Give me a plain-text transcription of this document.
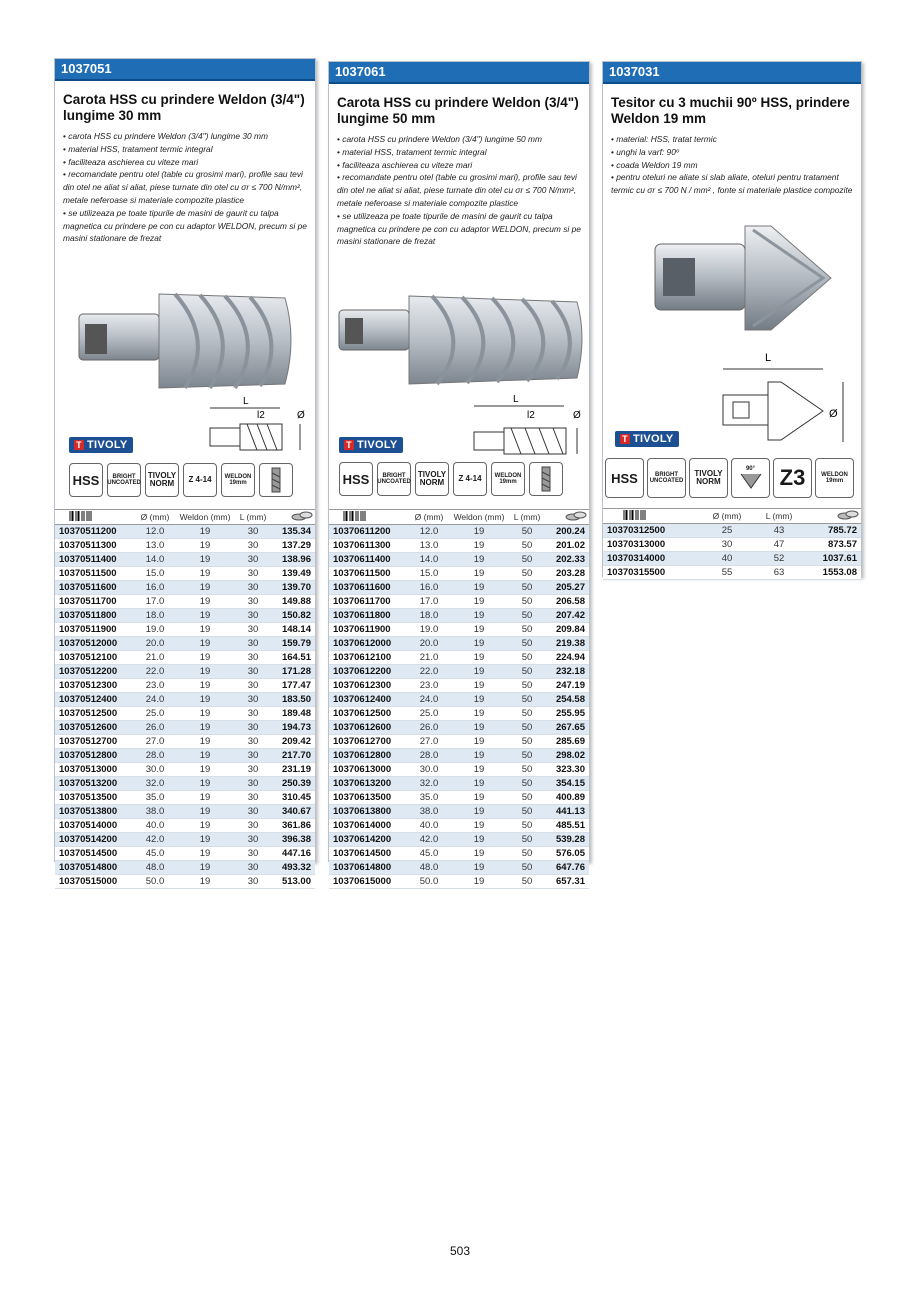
1037051
Carota HSS cu prindere Weldon (3/4") lungime 30 mm
• carota HSS cu prindere Weldon (3/4") lungime 30 mm
• material HSS, tratament termic integral
• faciliteaza aschierea cu viteze mari
• recomandate pentru otel (table cu grosimi mari), profile sau tevi din otel ne aliat si aliat, piese turnate din otel cu σr ≤ 700 N/mm², metale neferoase si materiale compozite plastice
• se utilizeaza pe toate tipurile de masini de gaurit cu talpa magnetica cu prindere pe con cu adaptor WELDON, precum si pe masini stationare de frezat
L
l2	Ø
T TIVOLY
HSS	BRIGHT UNCOATED
TIVOLY NORM	Z 4-14	WELDON 19mm
Ø (mm)	Weldon (mm)	L (mm)
10370511200	12.0	19	30	135.34
10370511300	13.0	19	30	137.29
10370511400	14.0	19	30	138.96
10370511500	15.0	19	30	139.49
10370511600	16.0	19	30	139.70
10370511700	17.0	19	30	149.88
10370511800	18.0	19	30	150.82
10370511900	19.0	19	30	148.14
10370512000	20.0	19	30	159.79
10370512100	21.0	19	30	164.51
10370512200	22.0	19	30	171.28
10370512300	23.0	19	30	177.47
10370512400	24.0	19	30	183.50
10370512500	25.0	19	30	189.48
10370512600	26.0	19	30	194.73
10370512700	27.0	19	30	209.42
10370512800	28.0	19	30	217.70
10370513000	30.0	19	30	231.19
10370513200	32.0	19	30	250.39
10370513500	35.0	19	30	310.45
10370513800	38.0	19	30	340.67
10370514000	40.0	19	30	361.86
10370514200	42.0	19	30	396.38
10370514500	45.0	19	30	447.16
10370514800	48.0	19	30	493.32
10370515000	50.0	19	30	513.00
1037061
Carota HSS cu prindere Weldon (3/4") lungime 50 mm
• carota HSS cu prindere Weldon (3/4") lungime 50 mm
• material HSS, tratament termic integral
• faciliteaza aschierea cu viteze mari
• recomandate pentru otel (table cu grosimi mari), profile sau tevi din otel ne aliat si aliat, piese turnate din otel cu σr ≤ 700 N/mm², metale neferoase si materiale compozite plastice
• se utilizeaza pe toate tipurile de masini de gaurit cu talpa magnetica cu prindere pe con cu adaptor WELDON, precum si pe masini stationare de frezat
L
l2	Ø
T TIVOLY
HSS	BRIGHT UNCOATED
TIVOLY NORM	Z 4-14	WELDON 19mm
Ø (mm)	Weldon (mm)	L (mm)
10370611200	12.0	19	50	200.24
10370611300	13.0	19	50	201.02
10370611400	14.0	19	50	202.33
10370611500	15.0	19	50	203.28
10370611600	16.0	19	50	205.27
10370611700	17.0	19	50	206.58
10370611800	18.0	19	50	207.42
10370611900	19.0	19	50	209.84
10370612000	20.0	19	50	219.38
10370612100	21.0	19	50	224.94
10370612200	22.0	19	50	232.18
10370612300	23.0	19	50	247.19
10370612400	24.0	19	50	254.58
10370612500	25.0	19	50	255.95
10370612600	26.0	19	50	267.65
10370612700	27.0	19	50	285.69
10370612800	28.0	19	50	298.02
10370613000	30.0	19	50	323.30
10370613200	32.0	19	50	354.15
10370613500	35.0	19	50	400.89
10370613800	38.0	19	50	441.13
10370614000	40.0	19	50	485.51
10370614200	42.0	19	50	539.28
10370614500	45.0	19	50	576.05
10370614800	48.0	19	50	647.76
10370615000	50.0	19	50	657.31
1037031
Tesitor cu 3 muchii 90º HSS, prindere Weldon 19 mm
• material: HSS, tratat termic
• unghi la varf: 90º
• coada Weldon 19 mm
• pentru oteluri ne aliate si slab aliate, oteluri pentru tratament termic cu σr ≤ 700 N / mm² , fonte si materiale plastice compozite
L
Ø
T TIVOLY
HSS	BRIGHT UNCOATED
TIVOLY NORM
90° Z3	WELDON 19mm
Ø (mm)	L (mm)
10370312500	25	43	785.72
10370313000	30	47	873.57
10370314000	40	52	1037.61
10370315500	55	63	1553.08
503
